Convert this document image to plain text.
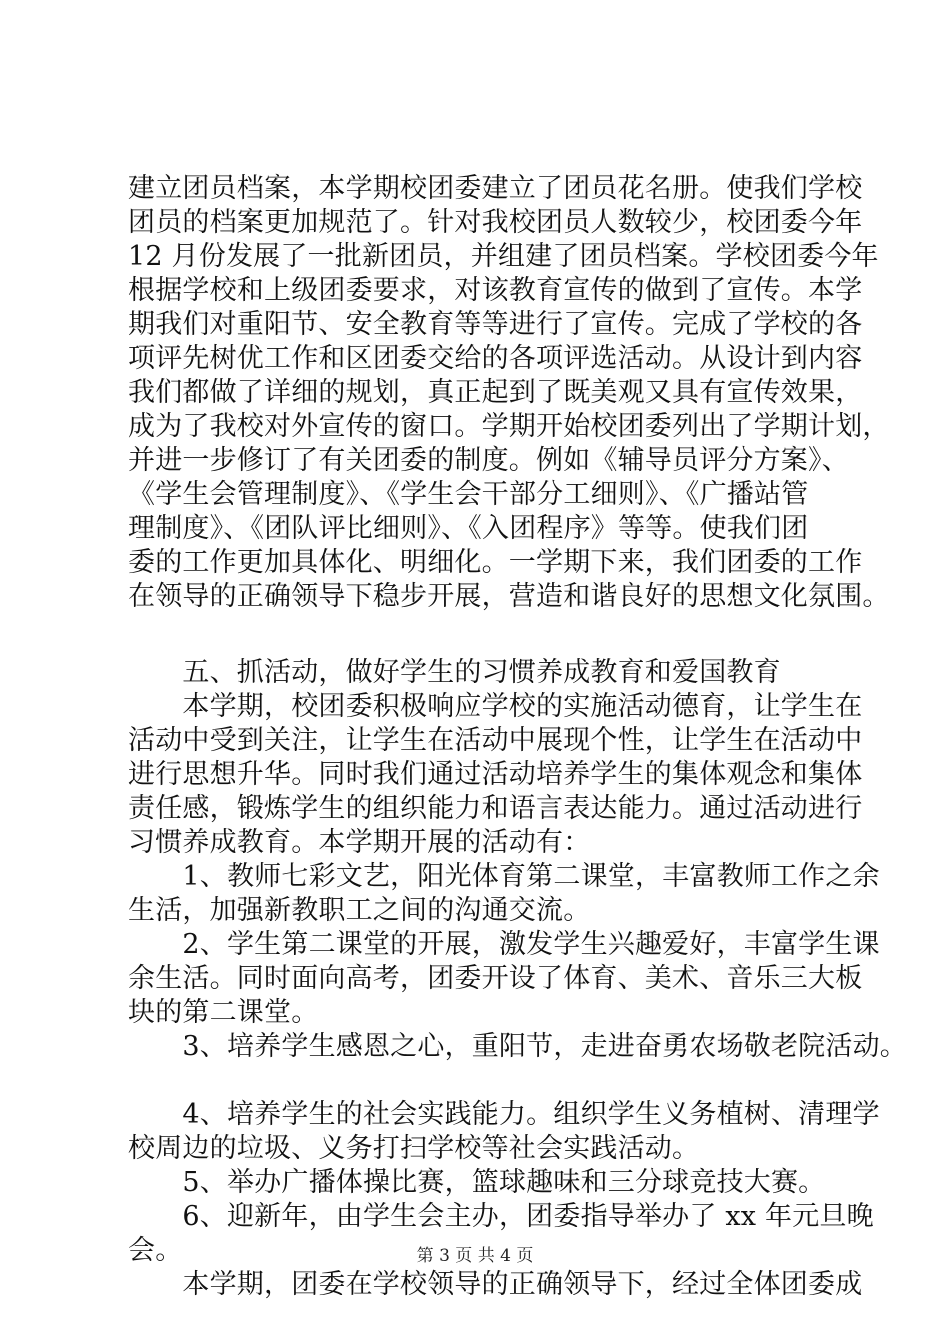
建立团员档案，本学期校团委建立了团员花名册。使我们学校

团员的档案更加规范了。针对我校团员人数较少，校团委今年

12 月份发展了一批新团员，并组建了团员档案。学校团委今年

根据学校和上级团委要求，对该教育宣传的做到了宣传。本学

期我们对重阳节、安全教育等等进行了宣传。完成了学校的各

项评先树优工作和区团委交给的各项评选活动。从设计到内容

我们都做了详细的规划，真正起到了既美观又具有宣传效果，

成为了我校对外宣传的窗口。学期开始校团委列出了学期计划，

并进一步修订了有关团委的制度。例如《辅导员评分方案》、

《学生会管理制度》、《学生会干部分工细则》、《广播站管

理制度》、《团队评比细则》、《入团程序》等等。使我们团

委的工作更加具体化、明细化。一学期下来，我们团委的工作

在领导的正确领导下稳步开展，营造和谐良好的思想文化氛围。

　　五、抓活动，做好学生的习惯养成教育和爱国教育

　　本学期，校团委积极响应学校的实施活动德育，让学生在

活动中受到关注，让学生在活动中展现个性，让学生在活动中

进行思想升华。同时我们通过活动培养学生的集体观念和集体

责任感，锻炼学生的组织能力和语言表达能力。通过活动进行

习惯养成教育。本学期开展的活动有：

　　1、教师七彩文艺，阳光体育第二课堂，丰富教师工作之余

生活，加强新教职工之间的沟通交流。

　　2、学生第二课堂的开展，激发学生兴趣爱好，丰富学生课

余生活。同时面向高考，团委开设了体育、美术、音乐三大板

块的第二课堂。

　　3、培养学生感恩之心，重阳节，走进奋勇农场敬老院活动。

　　4、培养学生的社会实践能力。组织学生义务植树、清理学

校周边的垃圾、义务打扫学校等社会实践活动。

　　5、举办广播体操比赛，篮球趣味和三分球竞技大赛。

　　6、迎新年，由学生会主办，团委指导举办了 xx 年元旦晚

会。

　　本学期，团委在学校领导的正确领导下，经过全体团委成

第 3 页 共 4 页
